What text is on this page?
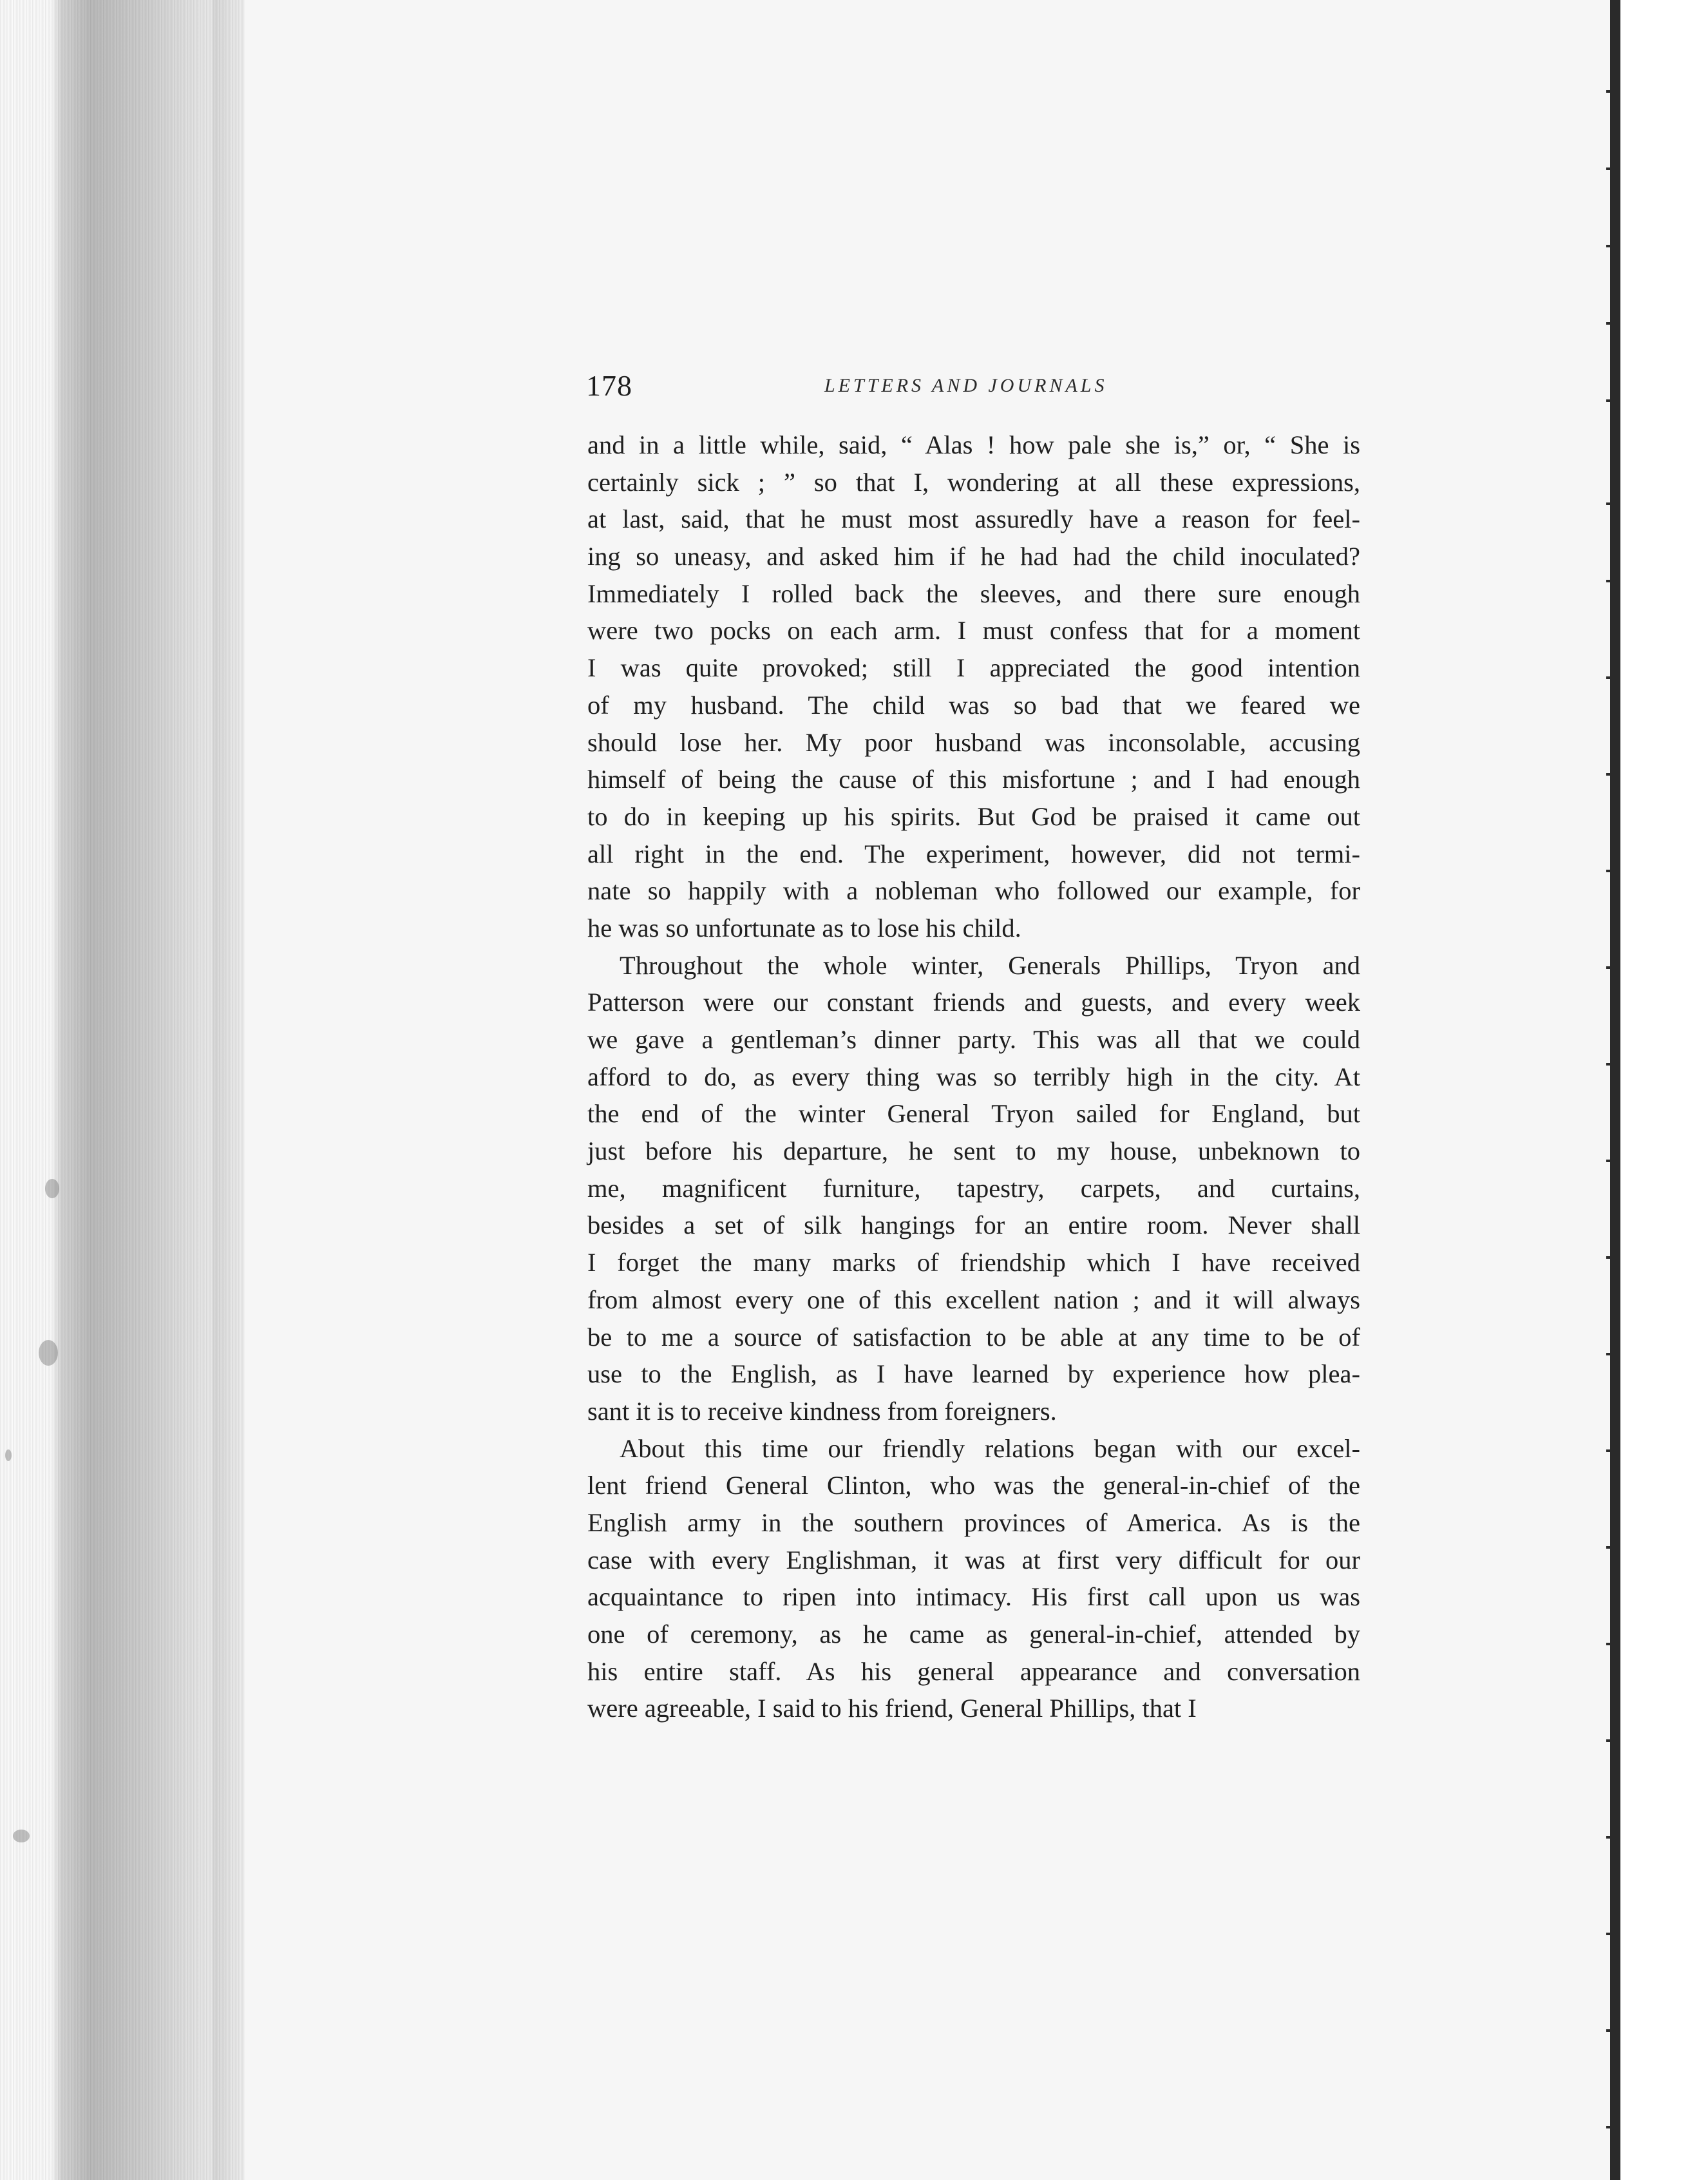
178	LETTERS AND JOURNALS
and in a little while, said, “ Alas ! how pale she is,” or, “ She is
certainly sick ; ” so that I, wondering at all these expressions,
at last, said, that he must most assuredly have a reason for feel-
ing so uneasy, and asked him if he had had the child inoculated?
Immediately I rolled back the sleeves, and there sure enough
were two pocks on each arm. I must confess that for a moment
I was quite provoked; still I appreciated the good intention
of my husband. The child was so bad that we feared we
should lose her. My poor husband was inconsolable, accusing
himself of being the cause of this misfortune ; and I had enough
to do in keeping up his spirits. But God be praised it came out
all right in the end. The experiment, however, did not termi-
nate so happily with a nobleman who followed our example, for
he was so unfortunate as to lose his child.
Throughout the whole winter, Generals Phillips, Tryon and
Patterson were our constant friends and guests, and every week
we gave a gentleman’s dinner party. This was all that we could
afford to do, as every thing was so terribly high in the city. At
the end of the winter General Tryon sailed for England, but
just before his departure, he sent to my house, unbeknown to
me, magnificent furniture, tapestry, carpets, and curtains,
besides a set of silk hangings for an entire room. Never shall
I forget the many marks of friendship which I have received
from almost every one of this excellent nation ; and it will always
be to me a source of satisfaction to be able at any time to be of
use to the English, as I have learned by experience how plea-
sant it is to receive kindness from foreigners.
About this time our friendly relations began with our excel-
lent friend General Clinton, who was the general-in-chief of the
English army in the southern provinces of America. As is the
case with every Englishman, it was at first very difficult for our
acquaintance to ripen into intimacy. His first call upon us was
one of ceremony, as he came as general-in-chief, attended by
his entire staff. As his general appearance and conversation
were agreeable, I said to his friend, General Phillips, that I
